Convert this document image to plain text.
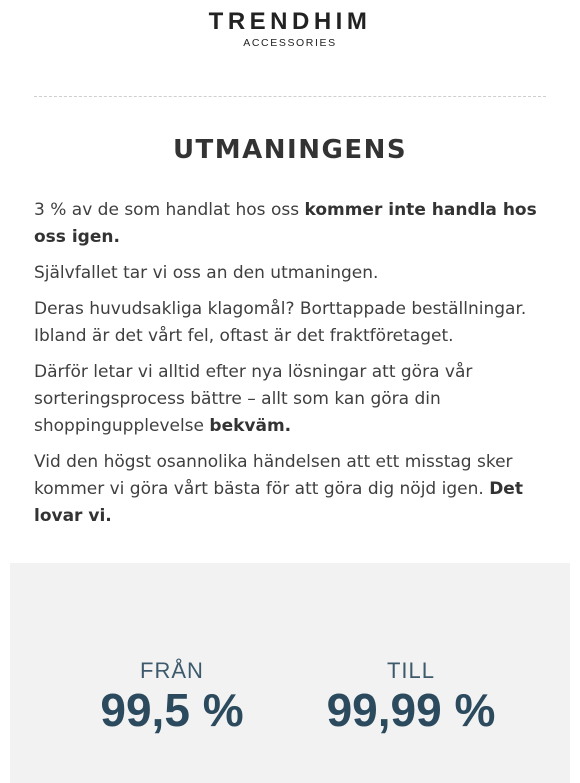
TRENDHIM
ACCESSORIES
UTMANINGENS

3 % av de som handlat hos oss kommer inte handla hos oss igen.

Självfallet tar vi oss an den utmaningen.

Deras huvudsakliga klagomål? Borttappade beställningar. Ibland är det vårt fel, oftast är det fraktföretaget.

Därför letar vi alltid efter nya lösningar att göra vår sorteringsprocess bättre – allt som kan göra din shoppingupplevelse bekväm.

Vid den högst osannolika händelsen att ett misstag sker kommer vi göra vårt bästa för att göra dig nöjd igen. Det lovar vi.

FRÅN
99,5 %
TILL
99,99 %
